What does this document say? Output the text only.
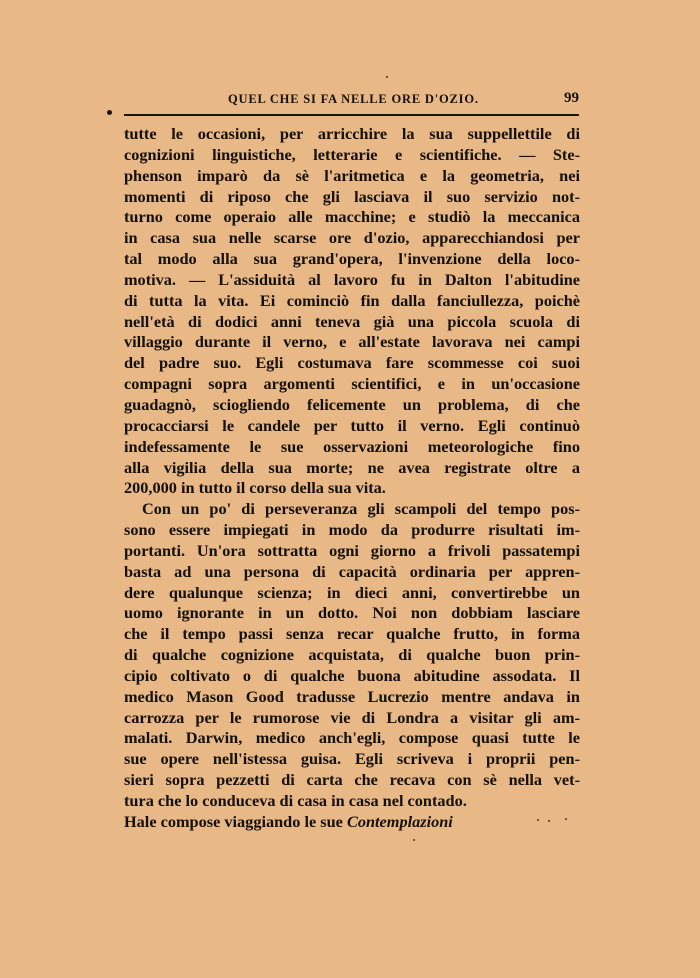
QUEL CHE SI FA NELLE ORE D'OZIO.	99
tutte le occasioni, per arricchire la sua suppellettile di
cognizioni linguistiche, letterarie e scientifiche. — Ste-
phenson imparò da sè l'aritmetica e la geometria, nei
momenti di riposo che gli lasciava il suo servizio not-
turno come operaio alle macchine; e studiò la meccanica
in casa sua nelle scarse ore d'ozio, apparecchiandosi per
tal modo alla sua grand'opera, l'invenzione della loco-
motiva. — L'assiduità al lavoro fu in Dalton l'abitudine
di tutta la vita. Ei cominciò fin dalla fanciullezza, poichè
nell'età di dodici anni teneva già una piccola scuola di
villaggio durante il verno, e all'estate lavorava nei campi
del padre suo. Egli costumava fare scommesse coi suoi
compagni sopra argomenti scientifici, e in un'occasione
guadagnò, sciogliendo felicemente un problema, di che
procacciarsi le candele per tutto il verno. Egli continuò
indefessamente le sue osservazioni meteorologiche fino
alla vigilia della sua morte; ne avea registrate oltre a
200,000 in tutto il corso della sua vita.
Con un po' di perseveranza gli scampoli del tempo pos-
sono essere impiegati in modo da produrre risultati im-
portanti. Un'ora sottratta ogni giorno a frivoli passatempi
basta ad una persona di capacità ordinaria per appren-
dere qualunque scienza; in dieci anni, convertirebbe un
uomo ignorante in un dotto. Noi non dobbiam lasciare
che il tempo passi senza recar qualche frutto, in forma
di qualche cognizione acquistata, di qualche buon prin-
cipio coltivato o di qualche buona abitudine assodata. Il
medico Mason Good tradusse Lucrezio mentre andava in
carrozza per le rumorose vie di Londra a visitar gli am-
malati. Darwin, medico anch'egli, compose quasi tutte le
sue opere nell'istessa guisa. Egli scriveva i proprii pen-
sieri sopra pezzetti di carta che recava con sè nella vet-
tura che lo conduceva di casa in casa nel contado.
Hale compose viaggiando le sue Contemplazioni
